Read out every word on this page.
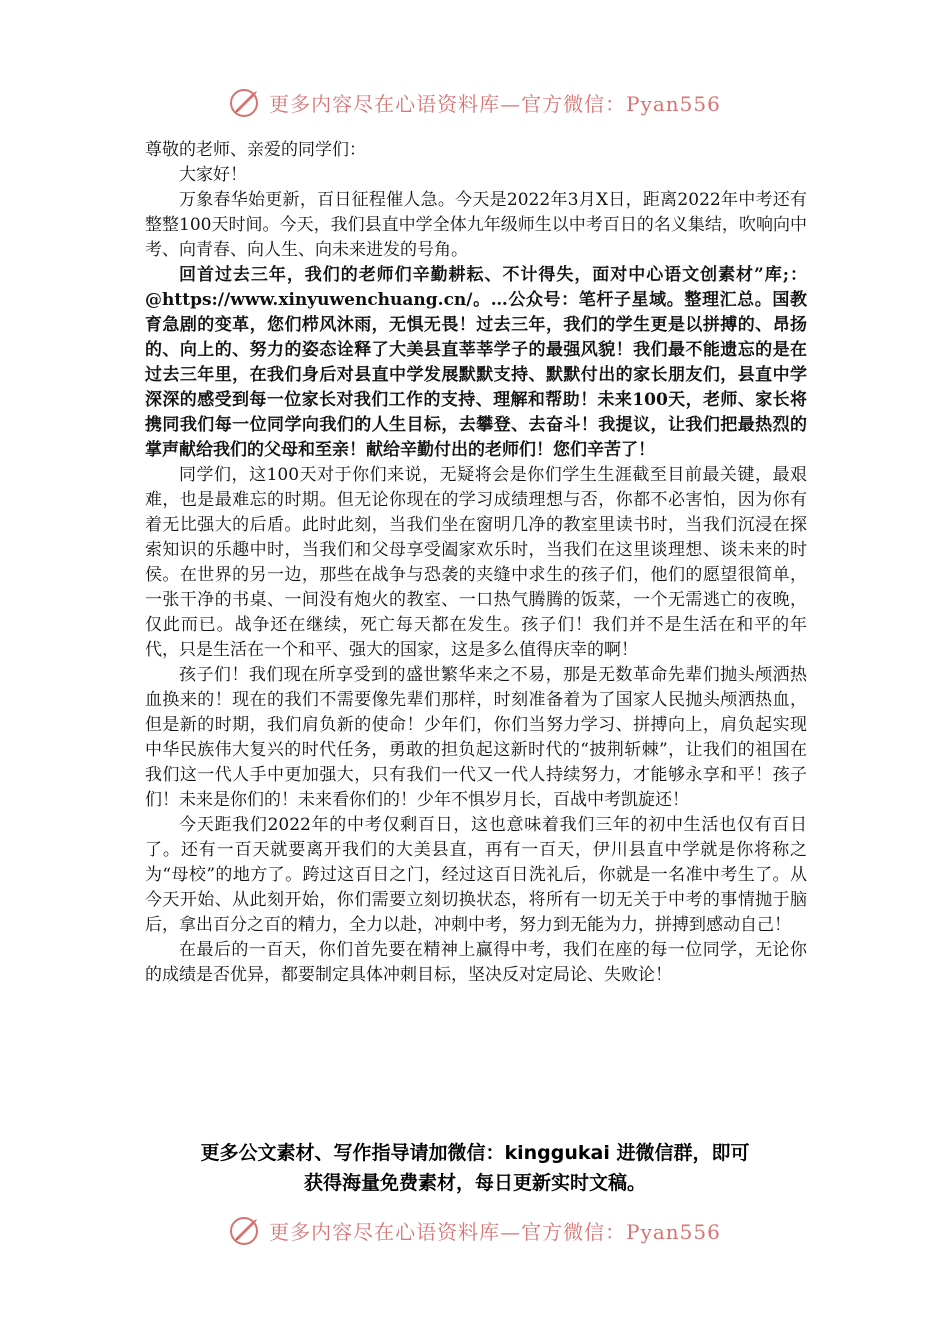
更多内容尽在心语资料库—官方微信：Pyan556

尊敬的老师、亲爱的同学们：

大家好！

万象春华始更新，百日征程催人急。今天是2022年3月X日，距离2022年中考还有整整100天时间。今天，我们县直中学全体九年级师生以中考百日的名义集结，吹响向中考、向青春、向人生、向未来进发的号角。

回首过去三年，我们的老师们辛勤耕耘、不计得失，面对中心语文创素材”库;：@https://www.xinyuwenchuang.cn/。…公众号：笔杆子星域。整理汇总。国教育急剧的变革，您们栉风沐雨，无惧无畏！过去三年，我们的学生更是以拼搏的、昂扬的、向上的、努力的姿态诠释了大美县直莘莘学子的最强风貌！我们最不能遗忘的是在过去三年里，在我们身后对县直中学发展默默支持、默默付出的家长朋友们，县直中学深深的感受到每一位家长对我们工作的支持、理解和帮助！未来100天，老师、家长将携同我们每一位同学向我们的人生目标，去攀登、去奋斗！我提议，让我们把最热烈的掌声献给我们的父母和至亲！献给辛勤付出的老师们！您们辛苦了！

同学们，这100天对于你们来说，无疑将会是你们学生生涯截至目前最关键，最艰难，也是最难忘的时期。但无论你现在的学习成绩理想与否，你都不必害怕，因为你有着无比强大的后盾。此时此刻，当我们坐在窗明几净的教室里读书时，当我们沉浸在探索知识的乐趣中时，当我们和父母享受阖家欢乐时，当我们在这里谈理想、谈未来的时侯。在世界的另一边，那些在战争与恐袭的夹缝中求生的孩子们，他们的愿望很简单，一张干净的书桌、一间没有炮火的教室、一口热气腾腾的饭菜，一个无需逃亡的夜晚，仅此而已。战争还在继续，死亡每天都在发生。孩子们！我们并不是生活在和平的年代，只是生活在一个和平、强大的国家，这是多么值得庆幸的啊！

孩子们！我们现在所享受到的盛世繁华来之不易，那是无数革命先辈们抛头颅洒热血换来的！现在的我们不需要像先辈们那样，时刻准备着为了国家人民抛头颅洒热血，但是新的时期，我们肩负新的使命！少年们，你们当努力学习、拼搏向上，肩负起实现中华民族伟大复兴的时代任务，勇敢的担负起这新时代的“披荆斩棘”，让我们的祖国在我们这一代人手中更加强大，只有我们一代又一代人持续努力，才能够永享和平！孩子们！未来是你们的！未来看你们的！少年不惧岁月长，百战中考凯旋还！

今天距我们2022年的中考仅剩百日，这也意味着我们三年的初中生活也仅有百日了。还有一百天就要离开我们的大美县直，再有一百天，伊川县直中学就是你将称之为“母校”的地方了。跨过这百日之门，经过这百日洗礼后，你就是一名准中考生了。从今天开始、从此刻开始，你们需要立刻切换状态，将所有一切无关于中考的事情抛于脑后，拿出百分之百的精力，全力以赴，冲刺中考，努力到无能为力，拼搏到感动自己！

在最后的一百天，你们首先要在精神上赢得中考，我们在座的每一位同学，无论你的成绩是否优异，都要制定具体冲刺目标，坚决反对定局论、失败论！

更多公文素材、写作指导请加微信：kinggukai 进微信群，即可
获得海量免费素材，每日更新实时文稿。
更多内容尽在心语资料库—官方微信：Pyan556
